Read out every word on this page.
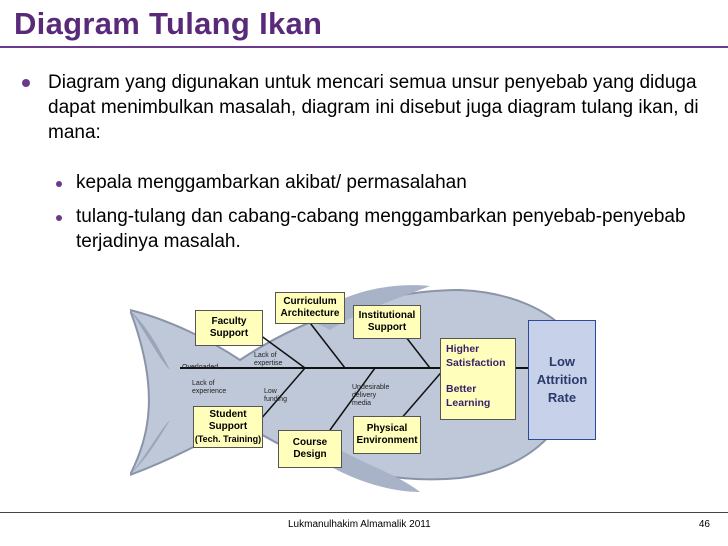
Diagram Tulang Ikan
Diagram yang digunakan untuk mencari semua unsur penyebab yang diduga dapat menimbulkan masalah, diagram ini disebut juga diagram tulang ikan, di mana:
kepala menggambarkan akibat/ permasalahan
tulang-tulang dan cabang-cabang menggambarkan penyebab-penyebab terjadinya masalah.
Curriculum Architecture	Institutional Support
Faculty Support
Student Support
(Tech. Training)	Course Design
Physical Environment
Higher Satisfaction
Better Learning
Low Attrition Rate
Lack of
expertise
Overloaded
Lack of
experience	Low
funding
Undesirable
delivery
media
Lukmanulhakim Almamalik 2011	46
